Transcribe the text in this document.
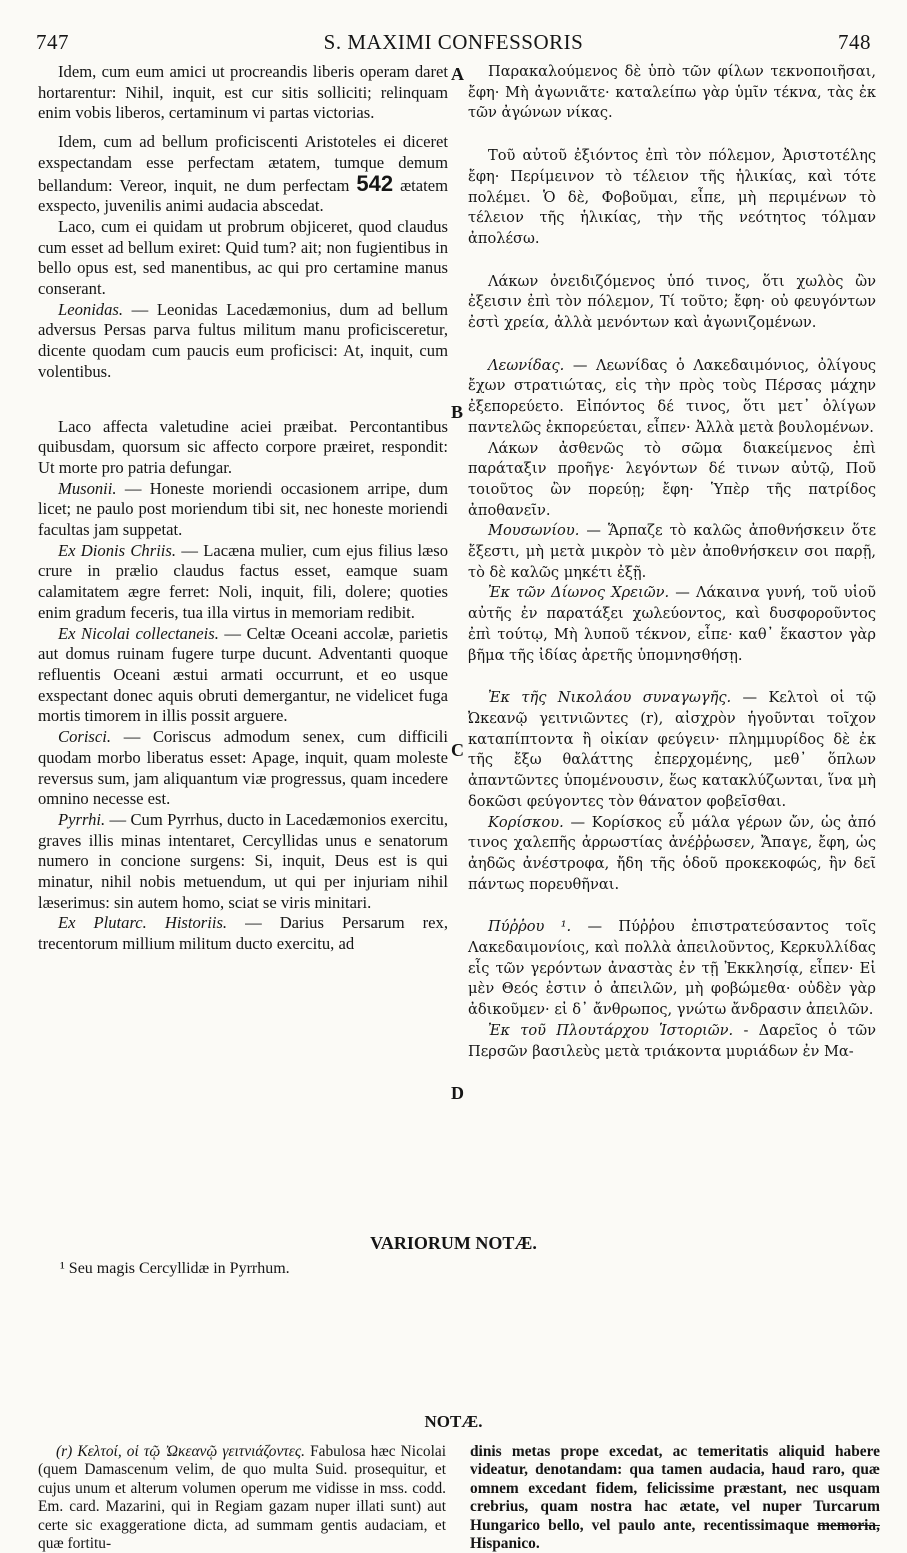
747	S. MAXIMI CONFESSORIS	748

Idem, cum eum amici ut procreandis liberis operam daret hortarentur: Nihil, inquit, est cur sitis solliciti; relinquam enim vobis liberos, certaminum vi partas victorias.

Idem, cum ad bellum proficiscenti Aristoteles ei diceret exspectandam esse perfectam ætatem, tumque demum bellandum: Vereor, inquit, ne dum perfectam 542 ætatem exspecto, juvenilis animi audacia abscedat.

Laco, cum ei quidam ut probrum objiceret, quod claudus cum esset ad bellum exiret: Quid tum? ait; non fugientibus in bello opus est, sed manentibus, ac qui pro certamine manus conserant.

Leonidas. — Leonidas Lacedæmonius, dum ad bellum adversus Persas parva fultus militum manu proficisceretur, dicente quodam cum paucis eum proficisci: At, inquit, cum volentibus.

Laco affecta valetudine aciei præibat. Percontantibus quibusdam, quorsum sic affecto corpore præiret, respondit: Ut morte pro patria defungar.

Musonii. — Honeste moriendi occasionem arripe, dum licet; ne paulo post moriendum tibi sit, nec honeste moriendi facultas jam suppetat.

Ex Dionis Chriis. — Lacæna mulier, cum ejus filius læso crure in prælio claudus factus esset, eamque suam calamitatem ægre ferret: Noli, inquit, fili, dolere; quoties enim gradum feceris, tua illa virtus in memoriam redibit.

Ex Nicolai collectaneis. — Celtæ Oceani accolæ, parietis aut domus ruinam fugere turpe ducunt. Adventanti quoque refluentis Oceani æstui armati occurrunt, et eo usque exspectant donec aquis obruti demergantur, ne videlicet fuga mortis timorem in illis possit arguere.

Corisci. — Coriscus admodum senex, cum difficili quodam morbo liberatus esset: Apage, inquit, quam moleste reversus sum, jam aliquantum viæ progressus, quam incedere omnino necesse est.

Pyrrhi. — Cum Pyrrhus, ducto in Lacedæmonios exercitu, graves illis minas intentaret, Cercyllidas unus e senatorum numero in concione surgens: Si, inquit, Deus est is qui minatur, nihil nobis metuendum, ut qui per injuriam nihil læserimus: sin autem homo, sciat se viris minitari.

Ex Plutarc. Historiis. — Darius Persarum rex, trecentorum millium militum ducto exercitu, ad

Παρακαλούμενος δὲ ὑπὸ τῶν φίλων τεκνοποιῆσαι, ἔφη· Μὴ ἀγωνιᾶτε· καταλείπω γὰρ ὑμῖν τέκνα, τὰς ἐκ τῶν ἀγώνων νίκας.

Τοῦ αὐτοῦ ἐξιόντος ἐπὶ τὸν πόλεμον, Ἀριστοτέλης ἔφη· Περίμεινον τὸ τέλειον τῆς ἡλικίας, καὶ τότε πολέμει. Ὁ δὲ, Φοβοῦμαι, εἶπε, μὴ περιμένων τὸ τέλειον τῆς ἡλικίας, τὴν τῆς νεότητος τόλμαν ἀπολέσω.

Λάκων ὀνειδιζόμενος ὑπό τινος, ὅτι χωλὸς ὢν ἐξεισιν ἐπὶ τὸν πόλεμον, Τί τοῦτο; ἔφη· οὐ φευγόντων ἐστὶ χρεία, ἀλλὰ μενόντων καὶ ἀγωνιζομένων.

Λεωνίδας. — Λεωνίδας ὁ Λακεδαιμόνιος, ὀλίγους ἔχων στρατιώτας, εἰς τὴν πρὸς τοὺς Πέρσας μάχην ἐξεπορεύετο. Εἰπόντος δέ τινος, ὅτι μετ᾽ ὀλίγων παντελῶς ἐκπορεύεται, εἶπεν· Ἀλλὰ μετὰ βουλομένων.

Λάκων ἀσθενῶς τὸ σῶμα διακείμενος ἐπὶ παράταξιν προῆγε· λεγόντων δέ τινων αὐτῷ, Ποῦ τοιοῦτος ὢν πορεύῃ; ἔφη· Ὑπὲρ τῆς πατρίδος ἀποθανεῖν.

Μουσωνίου. — Ἅρπαζε τὸ καλῶς ἀποθνήσκειν ὅτε ἔξεστι, μὴ μετὰ μικρὸν τὸ μὲν ἀποθνήσκειν σοι παρῇ, τὸ δὲ καλῶς μηκέτι ἐξῇ.

Ἐκ τῶν Δίωνος Χρειῶν. — Λάκαινα γυνή, τοῦ υἱοῦ αὐτῆς ἐν παρατάξει χωλεύοντος, καὶ δυσφοροῦντος ἐπὶ τούτῳ, Μὴ λυποῦ τέκνον, εἶπε· καθ᾽ ἕκαστον γὰρ βῆμα τῆς ἰδίας ἀρετῆς ὑπομνησθήσῃ.

Ἐκ τῆς Νικολάου συναγωγῆς. — Κελτοὶ οἱ τῷ Ὠκεανῷ γειτνιῶντες (r), αἰσχρὸν ἡγοῦνται τοῖχον καταπίπτοντα ἢ οἰκίαν φεύγειν· πλημμυρίδος δὲ ἐκ τῆς ἔξω θαλάττης ἐπερχομένης, μεθ᾽ ὅπλων ἀπαντῶντες ὑπομένουσιν, ἕως κατακλύζωνται, ἵνα μὴ δοκῶσι φεύγοντες τὸν θάνατον φοβεῖσθαι.

Κορίσκου. — Κορίσκος εὖ μάλα γέρων ὤν, ὡς ἀπό τινος χαλεπῆς ἀρρωστίας ἀνέῤῥωσεν, Ἄπαγε, ἔφη, ὡς ἀηδῶς ἀνέστροφα, ἤδη τῆς ὁδοῦ προκεκοφώς, ἣν δεῖ πάντως πορευθῆναι.

Πύῤῥου ¹. — Πύῤῥου ἐπιστρατεύσαντος τοῖς Λακεδαιμονίοις, καὶ πολλὰ ἀπειλοῦντος, Κερκυλλίδας εἷς τῶν γερόντων ἀναστὰς ἐν τῇ Ἐκκλησίᾳ, εἶπεν· Εἰ μὲν Θεός ἐστιν ὁ ἀπειλῶν, μὴ φοβώμεθα· οὐδὲν γὰρ ἀδικοῦμεν· εἰ δ᾽ ἄνθρωπος, γνώτω ἄνδρασιν ἀπειλῶν.

Ἐκ τοῦ Πλουτάρχου Ἱστοριῶν. - Δαρεῖος ὁ τῶν Περσῶν βασιλεὺς μετὰ τριάκοντα μυριάδων ἐν Μα-

A
B
C
D
VARIORUM NOTÆ.
¹ Seu magis Cercyllidæ in Pyrrhum.
NOTÆ.

(r) Κελτοί, οἱ τῷ Ὠκεανῷ γειτνιάζοντες. Fabulosa hæc Nicolai (quem Damascenum velim, de quo multa Suid. prosequitur, et cujus unum et alterum volumen operum me vidisse in mss. codd. Em. card. Mazarini, qui in Regiam gazam nuper illati sunt) aut certe sic exaggeratione dicta, ad summam gentis audaciam, et quæ fortitu-

dinis metas prope excedat, ac temeritatis aliquid habere videatur, denotandam: qua tamen audacia, haud raro, quæ omnem excedant fidem, felicissime præstant, nec usquam crebrius, quam nostra hac ætate, vel nuper Turcarum Hungarico bello, vel paulo ante, recentissimaque memoria, Hispanico.
